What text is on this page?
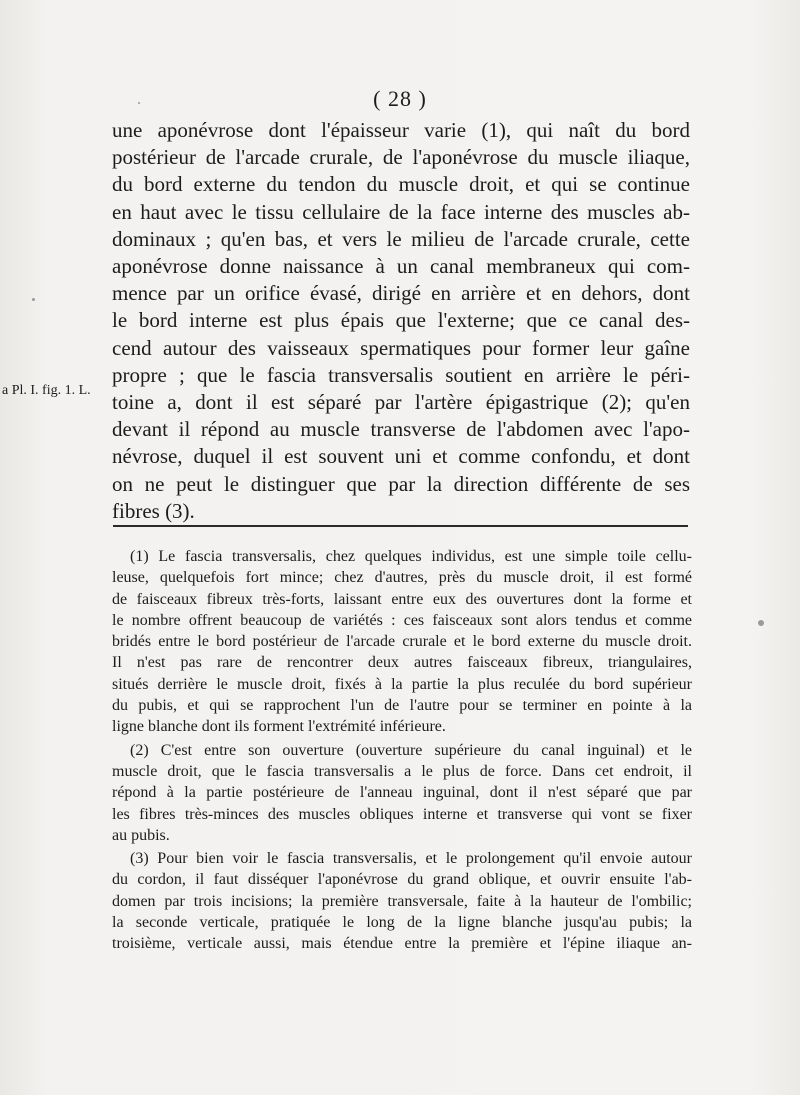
( 28 )
a Pl. I. fig. 1. L.

une aponévrose dont l'épaisseur varie (1), qui naît du bord
postérieur de l'arcade crurale, de l'aponévrose du muscle iliaque,
du bord externe du tendon du muscle droit, et qui se continue
en haut avec le tissu cellulaire de la face interne des muscles ab-
dominaux ; qu'en bas, et vers le milieu de l'arcade crurale, cette
aponévrose donne naissance à un canal membraneux qui com-
mence par un orifice évasé, dirigé en arrière et en dehors, dont
le bord interne est plus épais que l'externe; que ce canal des-
cend autour des vaisseaux spermatiques pour former leur gaîne
propre ; que le fascia transversalis soutient en arrière le péri-
toine a, dont il est séparé par l'artère épigastrique (2); qu'en
devant il répond au muscle transverse de l'abdomen avec l'apo-
névrose, duquel il est souvent uni et comme confondu, et dont
on ne peut le distinguer que par la direction différente de ses
fibres (3).

(1) Le fascia transversalis, chez quelques individus, est une simple toile cellu-
leuse, quelquefois fort mince; chez d'autres, près du muscle droit, il est formé
de faisceaux fibreux très-forts, laissant entre eux des ouvertures dont la forme et
le nombre offrent beaucoup de variétés : ces faisceaux sont alors tendus et comme
bridés entre le bord postérieur de l'arcade crurale et le bord externe du muscle droit.
Il n'est pas rare de rencontrer deux autres faisceaux fibreux, triangulaires,
situés derrière le muscle droit, fixés à la partie la plus reculée du bord supérieur
du pubis, et qui se rapprochent l'un de l'autre pour se terminer en pointe à la
ligne blanche dont ils forment l'extrémité inférieure.
(2) C'est entre son ouverture (ouverture supérieure du canal inguinal) et le
muscle droit, que le fascia transversalis a le plus de force. Dans cet endroit, il
répond à la partie postérieure de l'anneau inguinal, dont il n'est séparé que par
les fibres très-minces des muscles obliques interne et transverse qui vont se fixer
au pubis.
(3) Pour bien voir le fascia transversalis, et le prolongement qu'il envoie autour
du cordon, il faut disséquer l'aponévrose du grand oblique, et ouvrir ensuite l'ab-
domen par trois incisions; la première transversale, faite à la hauteur de l'ombilic;
la seconde verticale, pratiquée le long de la ligne blanche jusqu'au pubis; la
troisième, verticale aussi, mais étendue entre la première et l'épine iliaque an-
